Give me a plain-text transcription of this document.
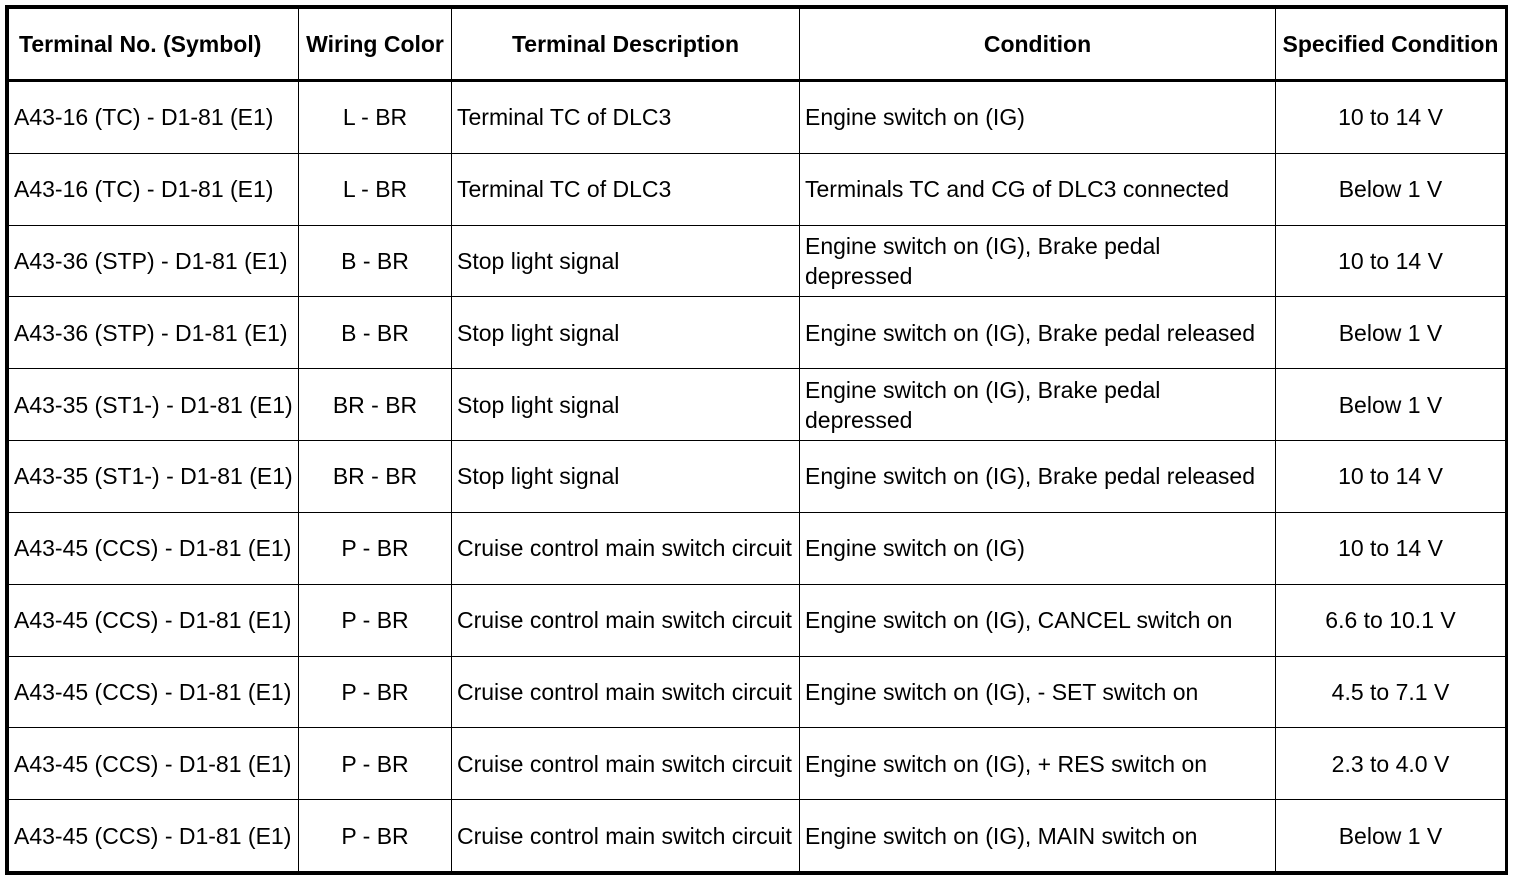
Terminal No. (Symbol)	Wiring Color	Terminal Description	Condition	Specified Condition
A43-16 (TC) - D1-81 (E1)	L - BR	Terminal TC of DLC3	Engine switch on (IG)	10 to 14 V
A43-16 (TC) - D1-81 (E1)	L - BR	Terminal TC of DLC3	Terminals TC and CG of DLC3 connected	Below 1 V
A43-36 (STP) - D1-81 (E1)	B - BR	Stop light signal	Engine switch on (IG), Brake pedal depressed	10 to 14 V
A43-36 (STP) - D1-81 (E1)	B - BR	Stop light signal	Engine switch on (IG), Brake pedal released	Below 1 V
A43-35 (ST1-) - D1-81 (E1)	BR - BR	Stop light signal	Engine switch on (IG), Brake pedal depressed	Below 1 V
A43-35 (ST1-) - D1-81 (E1)	BR - BR	Stop light signal	Engine switch on (IG), Brake pedal released	10 to 14 V
A43-45 (CCS) - D1-81 (E1)	P - BR	Cruise control main switch circuit	Engine switch on (IG)	10 to 14 V
A43-45 (CCS) - D1-81 (E1)	P - BR	Cruise control main switch circuit	Engine switch on (IG), CANCEL switch on	6.6 to 10.1 V
A43-45 (CCS) - D1-81 (E1)	P - BR	Cruise control main switch circuit	Engine switch on (IG), - SET switch on	4.5 to 7.1 V
A43-45 (CCS) - D1-81 (E1)	P - BR	Cruise control main switch circuit	Engine switch on (IG), + RES switch on	2.3 to 4.0 V
A43-45 (CCS) - D1-81 (E1)	P - BR	Cruise control main switch circuit	Engine switch on (IG), MAIN switch on	Below 1 V
